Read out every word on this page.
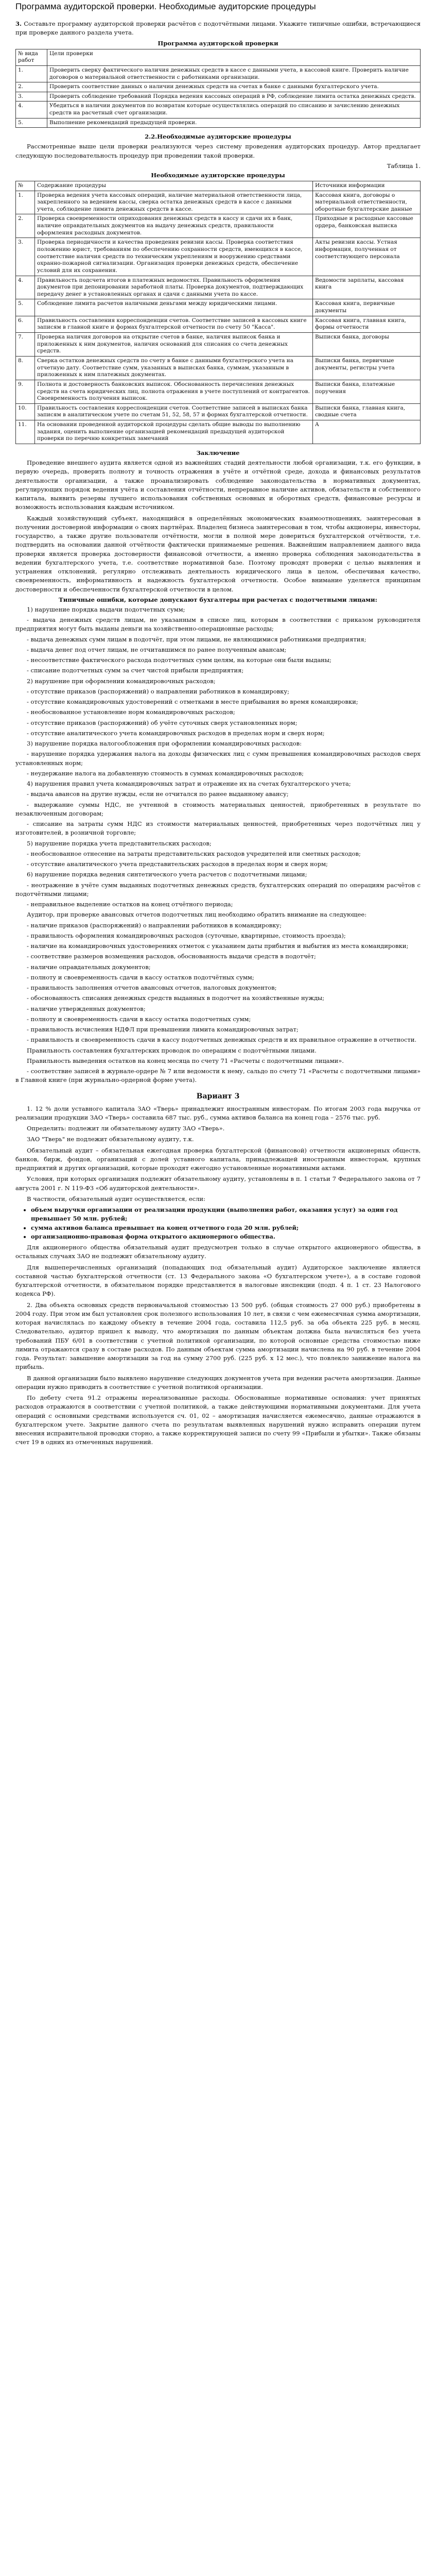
Программа аудиторской проверки. Необходимые аудиторские процедуры

3. Составьте программу аудиторской проверки расчётов с подотчётными лицами. Укажите типичные ошибки, встречающиеся при проверке данного раздела учета.

Программа аудиторской проверки
№ вида работ	Цели проверки
1.	Проверить сверку фактического наличия денежных средств в кассе с данными учета, в кассовой книге. Проверить наличие договоров о материальной ответственности с работниками организации.
2.	Проверить соответствие данных о наличии денежных средств на счетах в банке с данными бухгалтерского учета.
3.	Проверить соблюдение требований Порядка ведения кассовых операций в РФ, соблюдение лимита остатка денежных средств.
4.	Убедиться в наличии документов по возвратам которые осуществлялись операций по списанию и зачислению денежных средств на расчетный счет организации.
5.	Выполнение рекомендаций предыдущей проверки.
2.2.Необходимые аудиторские процедуры

Рассмотренные выше цели проверки реализуются через систему проведения аудиторских процедур. Автор предлагает следующую последовательность процедур при проведении такой проверки.

Таблица 1.
Необходимые аудиторские процедуры
№	Содержание процедуры	Источники информации
1.	Проверка ведения учета кассовых операций, наличие материальной ответственности лица, закрепленного за ведением кассы, сверка остатка денежных средств в кассе с данными учета, соблюдение лимита денежных средств в кассе.	Кассовая книга, договоры о материальной ответственности, оборотные бухгалтерские данные
2.	Проверка своевременности оприходования денежных средств в кассу и сдачи их в банк, наличие оправдательных документов на выдачу денежных средств, правильности оформления расходных документов.	Приходные и расходные кассовые ордера, банковская выписка
3.	Проверка периодичности и качества проведения ревизии кассы. Проверка соответствия положению юрист, требованиям по обеспечению сохранности средств, имеющихся в кассе, соответствие наличия средств по техническим укреплениям и вооружению средствами охранно-пожарной сигнализации. Организация проверки денежных средств, обеспечение условий для их сохранения.	Акты ревизии кассы. Устная информация, полученная от соответствующего персонала
4.	Правильность подсчета итогов в платежных ведомостях. Правильность оформления документов при депонировании заработной платы. Проверка документов, подтверждающих передачу денег в установленных органах и сдачи с данными учета по кассе.	Ведомости зарплаты, кассовая книга
5.	Соблюдение лимита расчетов наличными деньгами между юридическими лицами.	Кассовая книга, первичные документы
6.	Правильность составления корреспонденции счетов. Соответствие записей в кассовых книге записям в главной книге и формах бухгалтерской отчетности по счету 50 "Касса".	Кассовая книга, главная книга, формы отчетности
7.	Проверка наличия договоров на открытие счетов в банке, наличия выписок банка и приложенных к ним документов, наличия оснований для списания со счета денежных средств.	Выписки банка, договоры
8.	Сверка остатков денежных средств по счету в банке с данными бухгалтерского учета на отчетную дату. Соответствие сумм, указанных в выписках банка, суммам, указанным в приложенных к ним платежных документах.	Выписки банка, первичные документы, регистры учета
9.	Полнота и достоверность банковских выписок. Обоснованность перечисления денежных средств на счета юридических лиц, полнота отражения в учете поступлений от контрагентов. Своевременность получения выписок.	Выписки банка, платежные поручения
10.	Правильность составления корреспонденции счетов. Соответствие записей в выписках банка записям в аналитическом учете по счетам 51, 52, 58, 57 и формах бухгалтерской отчетности.	Выписки банка, главная книга, сводные счета
11.	На основании проведенной аудиторской процедуры сделать общие выводы по выполнению задания, оценить выполнение организацией рекомендаций предыдущей аудиторской проверки по перечню конкретных замечаний	A
Заключение

Проведение внешнего аудита является одной из важнейших стадий деятельности любой организации, т.к. его функции, в первую очередь, проверить полноту и точность отражения в учёте и отчётной среде, дохода и финансовых результатов деятельности организации, а также проанализировать соблюдение законодательства в нормативных документах, регулирующих порядок ведения учёта и составления отчётности, непрерывное наличие активов, обязательств и собственного капитала, выявить резервы лучшего использования собственных основных и оборотных средств, финансовые ресурсы и возможность использования каждым источником.

Каждый хозяйствующий субъект, находящийся в определённых экономических взаимоотношениях, заинтересован в получении достоверной информации о своих партнёрах. Владелец бизнеса заинтересован в том, чтобы акционеры, инвесторы, государство, а также другие пользователи отчётности, могли в полной мере довериться бухгалтерской отчётности, т.е. подтвердить на основании данной отчётности фактически принимаемые решения. Важнейшим направлением данного вида проверки является проверка достоверности финансовой отчетности, а именно проверка соблюдения законодательства в ведении бухгалтерского учета, т.е. соответствие нормативной базе. Поэтому проводят проверки с целью выявления и устранения отклонений, регулярно отслеживать деятельность юридического лица в целом, обеспечивая качество, своевременность, информативность и надежность бухгалтерской отчетности. Особое внимание уделяется принципам достоверности и обеспеченности бухгалтерской отчетности в целом.

Типичные ошибки, которые допускают бухгалтеры при расчетах с подотчетными лицами:
1) нарушение порядка выдачи подотчетных сумм;
- выдача денежных средств лицам, не указанным в списке лиц, которым в соответствии с приказом руководителя предприятия могут быть выданы деньги на хозяйственно-операционные расходы;
- выдача денежных сумм лицам в подотчёт, при этом лицами, не являющимися работниками предприятия;
- выдача денег под отчет лицам, не отчитавшимся по ранее полученным авансам;
- несоответствие фактического расхода подотчетных сумм целям, на которые они были выданы;
- списание подотчетных сумм за счет чистой прибыли предприятия;
2) нарушение при оформлении командировочных расходов;
- отсутствие приказов (распоряжений) о направлении работников в командировку;
- отсутствие командировочных удостоверений с отметками в месте прибывания во время командировки;
- необоснованное установление норм командировочных расходов;
- отсутствие приказов (распоряжений) об учёте суточных сверх установленных норм;
- отсутствие аналитического учета командировочных расходов в пределах норм и сверх норм;
3) нарушение порядка налогообложения при оформлении командировочных расходов:
- нарушение порядка удержания налога на доходы физических лиц с сумм превышения командировочных расходов сверх установленных норм;
- неудержание налога на добавленную стоимость в суммах командировочных расходов;
4) нарушения правил учета командировочных затрат и отражение их на счетах бухгалтерского учета;
- выдача авансов на другие нужды, если не отчитался по ранее выданному авансу;
- выдержание суммы НДС, не учтенной в стоимость материальных ценностей, приобретенных в результате по незаключенным договорам;
- списание на затраты сумм НДС из стоимости материальных ценностей, приобретенных через подотчётных лиц у изготовителей, в розничной торговле;
5) нарушение порядка учета представительских расходов;
- необоснованное отнесение на затраты представительских расходов учредителей или сметных расходов;
- отсутствие аналитического учета представительских расходов в пределах норм и сверх норм;
6) нарушение порядка ведения синтетического учета расчетов с подотчетными лицами;
- неотражение в учёте сумм выданных подотчетных денежных средств, бухгалтерских операций по операциям расчётов с подотчётными лицами;
- неправильное выделение остатков на конец отчётного периода;
Аудитор, при проверке авансовых отчетов подотчетных лиц необходимо обратить внимание на следующее:
- наличие приказов (распоряжений) о направлении работников в командировку;
- правильность оформления командировочных расходов (суточные, квартирные, стоимость проезда);
- наличие на командировочных удостоверениях отметок с указанием даты прибытия и выбытия из места командировки;
- соответствие размеров возмещения расходов, обоснованность выдачи средств в подотчёт;
- наличие оправдательных документов;
- полноту и своевременность сдачи в кассу остатков подотчётных сумм;
- правильность заполнения отчетов авансовых отчетов, налоговых документов;
- обоснованность списания денежных средств выданных в подотчет на хозяйственные нужды;
- наличие утвержденных документов;
- полноту и своевременность сдачи в кассу остатка подотчетных сумм;
- правильность исчисления НДФЛ при превышении лимита командировочных затрат;
- правильность и своевременность сдачи в кассу подотчетных денежных средств и их правильное отражение в отчетности.
Правильность составления бухгалтерских проводок по операциям с подотчётными лицами.
Правильность выведения остатков на конец месяца по счету 71 «Расчеты с подотчетными лицами».
- соответствие записей в журнале-ордере № 7 или ведомости к нему, сальдо по счету 71 «Расчеты с подотчетными лицами» в Главной книге (при журнально-ордерной форме учета).
Вариант 3

1. 12 % доли уставного капитала ЗАО «Тверь» принадлежит иностранным инвесторам. По итогам 2003 года выручка от реализации продукции ЗАО «Тверь» составила 687 тыс. руб., сумма активов баланса на конец года – 2576 тыс. руб.

Определить: подлежит ли обязательному аудиту ЗАО «Тверь».

ЗАО "Тверь" не подлежит обязательному аудиту, т.к.

Обязательный аудит – обязательная ежегодная проверка бухгалтерской (финансовой) отчетности акционерных обществ, банков, бирж, фондов, организаций с долей уставного капитала, принадлежащей иностранным инвесторам, крупных предприятий и других организаций, которые проходят ежегодно установленные нормативными актами.

Условия, при которых организация подлежит обязательному аудиту, установлены в п. 1 статьи 7 Федерального закона от 7 августа 2001 г. N 119-ФЗ «Об аудиторской деятельности».

В частности, обязательный аудит осуществляется, если:

• объем выручки организации от реализации продукции (выполнения работ, оказания услуг) за один год превышает 50 млн. рублей;
• сумма активов баланса превышает на конец отчетного года 20 млн. рублей;
• организационно-правовая форма открытого акционерного общества.

Для акционерного общества обязательный аудит предусмотрен только в случае открытого акционерного общества, в остальных случаях ЗАО не подлежит обязательному аудиту.

Для вышеперечисленных организаций (попадающих под обязательный аудит) Аудиторское заключение является составной частью бухгалтерской отчетности (ст. 13 Федерального закона «О бухгалтерском учете»), а в составе годовой бухгалтерской отчетности, в обязательном порядке представляется в налоговые инспекции (подп. 4 п. 1 ст. 23 Налогового кодекса РФ).

2. Два объекта основных средств первоначальной стоимостью 13 500 руб. (общая стоимость 27 000 руб.) приобретены в 2004 году. При этом им был установлен срок полезного использования 10 лет, в связи с чем ежемесячная сумма амортизации, которая начислялась по каждому объекту в течение 2004 года, составила 112,5 руб. за оба объекта 225 руб. в месяц. Следовательно, аудитор пришел к выводу, что амортизация по данным объектам должна была начисляться без учета требований ПБУ 6/01 в соответствии с учетной политикой организации, по которой основные средства стоимостью ниже лимита отражаются сразу в составе расходов. По данным объектам сумма амортизации начислена на 90 руб. в течение 2004 года. Результат: завышение амортизации за год на сумму 2700 руб. (225 руб. х 12 мес.), что повлекло занижение налога на прибыль.

В данной организации было выявлено нарушение следующих документов учета при ведении расчета амортизации. Данные операции нужно приводить в соответствие с учетной политикой организации.

По дебету счета 91.2 отражены нереализованные расходы. Обоснованные нормативные основания: учет принятых расходов отражаются в соответствии с учетной политикой, а также действующими нормативными документами. Для учета операций с основными средствами используется сч. 01, 02 – амортизация начисляется ежемесячно, данные отражаются в бухгалтерском учете. Закрытие данного счета по результатам выявленных нарушений нужно исправить операции путем внесения исправительной проводки сторно, а также корректирующей записи по счету 99 «Прибыли и убытки». Также обязаны счет 19 в одних из отмеченных нарушений.
